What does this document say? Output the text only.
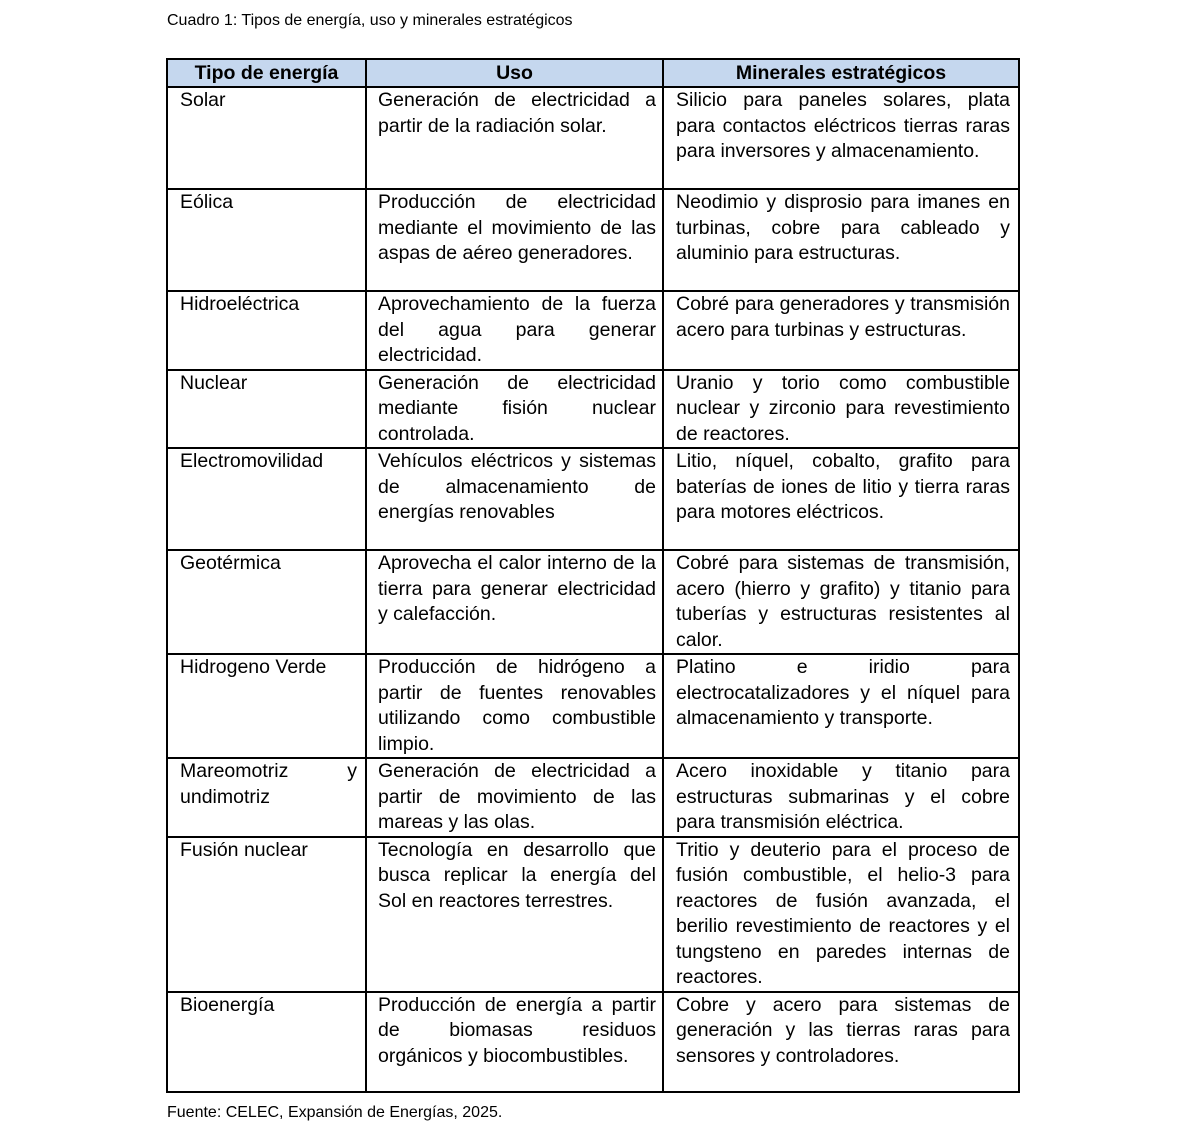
Cuadro 1: Tipos de energía, uso y minerales estratégicos
Tipo de energía	Uso	Minerales estratégicos
Solar	Generación de electricidad a partir de la radiación solar.	Silicio para paneles solares, plata para contactos eléctricos tierras raras para inversores y almacenamiento.
Eólica	Producción de electricidad mediante el movimiento de las aspas de aéreo generadores.	Neodimio y disprosio para imanes en turbinas, cobre para cableado y aluminio para estructuras.
Hidroeléctrica	Aprovechamiento de la fuerza del agua para generar electricidad.	Cobré para generadores y transmisión acero para turbinas y estructuras.
Nuclear	Generación de electricidad mediante fisión nuclear controlada.	Uranio y torio como combustible nuclear y zirconio para revestimiento de reactores.
Electromovilidad	Vehículos eléctricos y sistemas de almacenamiento de energías renovables	Litio, níquel, cobalto, grafito para baterías de iones de litio y tierra raras para motores eléctricos.
Geotérmica	Aprovecha el calor interno de la tierra para generar electricidad y calefacción.	Cobré para sistemas de transmisión, acero (hierro y grafito) y titanio para tuberías y estructuras resistentes al calor.
Hidrogeno Verde	Producción de hidrógeno a partir de fuentes renovables utilizando como combustible limpio.	Platino e iridio para electrocatalizadores y el níquel para almacenamiento y transporte.
Mareomotriz y undimotriz	Generación de electricidad a partir de movimiento de las mareas y las olas.	Acero inoxidable y titanio para estructuras submarinas y el cobre para transmisión eléctrica.
Fusión nuclear	Tecnología en desarrollo que busca replicar la energía del Sol en reactores terrestres.	Tritio y deuterio para el proceso de fusión combustible, el helio-3 para reactores de fusión avanzada, el berilio revestimiento de reactores y el tungsteno en paredes internas de reactores.
Bioenergía	Producción de energía a partir de biomasas residuos orgánicos y biocombustibles.	Cobre y acero para sistemas de generación y las tierras raras para sensores y controladores.
Fuente: CELEC, Expansión de Energías, 2025.
